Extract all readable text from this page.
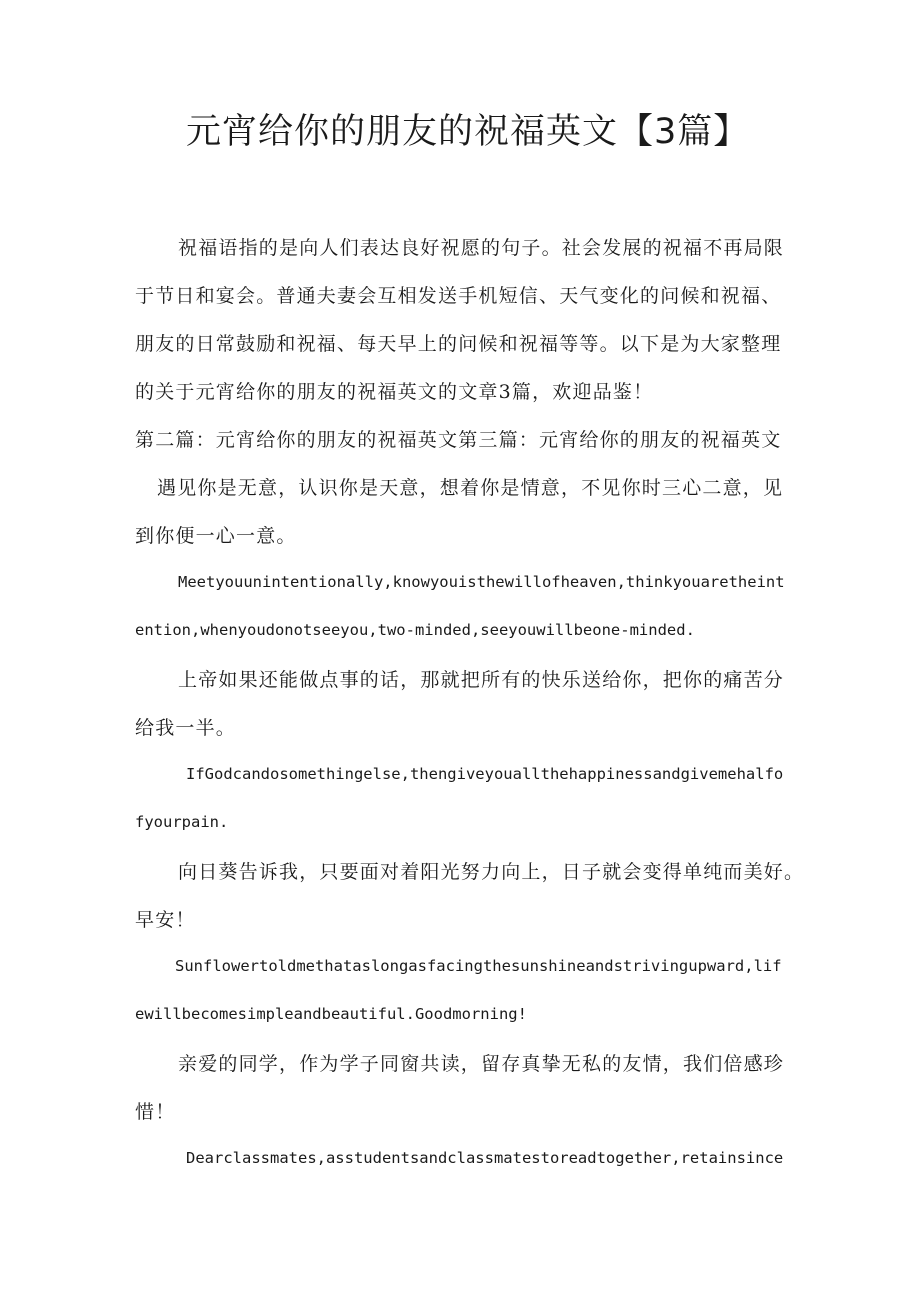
元宵给你的朋友的祝福英文【3篇】
祝福语指的是向人们表达良好祝愿的句子。社会发展的祝福不再局限
于节日和宴会。普通夫妻会互相发送手机短信、天气变化的问候和祝福、
朋友的日常鼓励和祝福、每天早上的问候和祝福等等。以下是为大家整理
的关于元宵给你的朋友的祝福英文的文章3篇，欢迎品鉴！
第二篇：元宵给你的朋友的祝福英文第三篇：元宵给你的朋友的祝福英文
遇见你是无意，认识你是天意，想着你是情意，不见你时三心二意，见
到你便一心一意。
Meetyouunintentionally,knowyouisthewillofheaven,thinkyouaretheint
ention,whenyoudonotseeyou,two-minded,seeyouwillbeone-minded.
上帝如果还能做点事的话，那就把所有的快乐送给你，把你的痛苦分
给我一半。
IfGodcandosomethingelse,thengiveyouallthehappinessandgivemehalfo
fyourpain.
向日葵告诉我，只要面对着阳光努力向上，日子就会变得单纯而美好。
早安！
Sunflowertoldmethataslongasfacingthesunshineandstrivingupward,lif
ewillbecomesimpleandbeautiful.Goodmorning!
亲爱的同学，作为学子同窗共读，留存真挚无私的友情，我们倍感珍
惜！
Dearclassmates,asstudentsandclassmatestoreadtogether,retainsince
